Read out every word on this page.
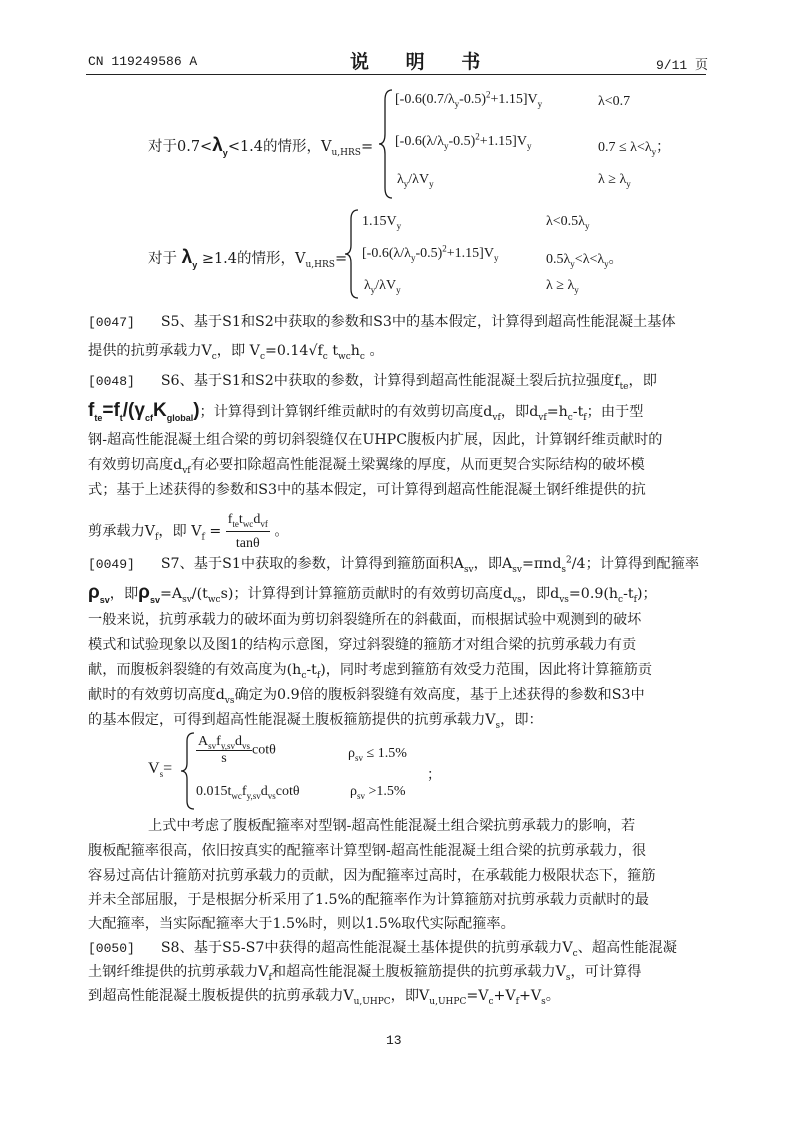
CN 119249586 A	说 明 书	9/11 页
对于$0.7<\lambda_y<1.4$的情形，$V_{u,HRS}=$
$[-0.6(0.7/\lambda_y-0.5)^2+1.15]V_y$	λ<0.7
$[-0.6(\lambda/\lambda_y-0.5)^2+1.15]V_y$	$0.7 \le \lambda<\lambda_y$；
$\lambda_y/\lambda V_y$	$\lambda \ge \lambda_y$
对于 $\lambda_y \ge 1.4$的情形，$V_{u,HRS}=$
$1.15V_y$	$\lambda<0.5\lambda_y$
$[-0.6(\lambda/\lambda_y-0.5)^2+1.15]V_y$	$0.5\lambda_y<\lambda<\lambda_y$。
$\lambda_y/\lambda V_y$	$\lambda \ge \lambda_y$
[0047] S5、基于S1和S2中获取的参数和S3中的基本假定，计算得到超高性能混凝土基体
提供的抗剪承载力$V_c$，即 $V_c=0.14√f_c$ $t_{wc}h_c$ 。
[0048] S6、基于S1和S2中获取的参数，计算得到超高性能混凝土裂后抗拉强度$f_{te}$，即
$f_{te}=f_t/(\gamma_{cf}K_{global})$；计算得到计算钢纤维贡献时的有效剪切高度$d_{vf}$，即$d_{vf}=h_c-t_f$；由于型
钢-超高性能混凝土组合梁的剪切斜裂缝仅在UHPC腹板内扩展，因此，计算钢纤维贡献时的
有效剪切高度$d_{vf}$有必要扣除超高性能混凝土梁翼缘的厚度，从而更契合实际结构的破坏模
式；基于上述获得的参数和S3中的基本假定，可计算得到超高性能混凝土钢纤维提供的抗
剪承载力$V_f$，即 $V_f = \frac{f_{te}t_{wc}d_{vf}}{\tan\theta}$ 。
[0049] S7、基于S1中获取的参数，计算得到箍筋面积$A_{sv}$，即$A_{sv}=\pi nd_s^2/4$；计算得到配箍率
$\rho_{sv}$，即$\rho_{sv}=A_{sv}/(t_{wc}s)$；计算得到计算箍筋贡献时的有效剪切高度$d_{vs}$，即$d_{vs}=0.9(h_c-t_f)$；
一般来说，抗剪承载力的破坏面为剪切斜裂缝所在的斜截面，而根据试验中观测到的破坏
模式和试验现象以及图1的结构示意图，穿过斜裂缝的箍筋才对组合梁的抗剪承载力有贡
献，而腹板斜裂缝的有效高度为$(h_c-t_f)$，同时考虑到箍筋有效受力范围，因此将计算箍筋贡
献时的有效剪切高度$d_{vs}$确定为0.9倍的腹板斜裂缝有效高度，基于上述获得的参数和S3中
的基本假定，可得到超高性能混凝土腹板箍筋提供的抗剪承载力$V_s$，即：
$V_s=$
$\frac{A_{sv}f_{y,sv}d_{vs}}{s}$ cotθ	$\rho_{sv} \le 1.5\%$
$0.015t_{wc}f_{y,sv}d_{vs}\cot\theta$	$\rho_{sv} >1.5\%$
；
上式中考虑了腹板配箍率对型钢-超高性能混凝土组合梁抗剪承载力的影响，若
腹板配箍率很高，依旧按真实的配箍率计算型钢-超高性能混凝土组合梁的抗剪承载力，很
容易过高估计箍筋对抗剪承载力的贡献，因为配箍率过高时，在承载能力极限状态下，箍筋
并未全部屈服，于是根据分析采用了1.5%的配箍率作为计算箍筋对抗剪承载力贡献时的最
大配箍率，当实际配箍率大于1.5%时，则以1.5%取代实际配箍率。
[0050] S8、基于S5-S7中获得的超高性能混凝土基体提供的抗剪承载力$V_c$、超高性能混凝
土钢纤维提供的抗剪承载力$V_f$和超高性能混凝土腹板箍筋提供的抗剪承载力$V_s$，可计算得
到超高性能混凝土腹板提供的抗剪承载力$V_{u,UHPC}$，即$V_{u,UHPC}=V_c+V_f+V_s$。
13
